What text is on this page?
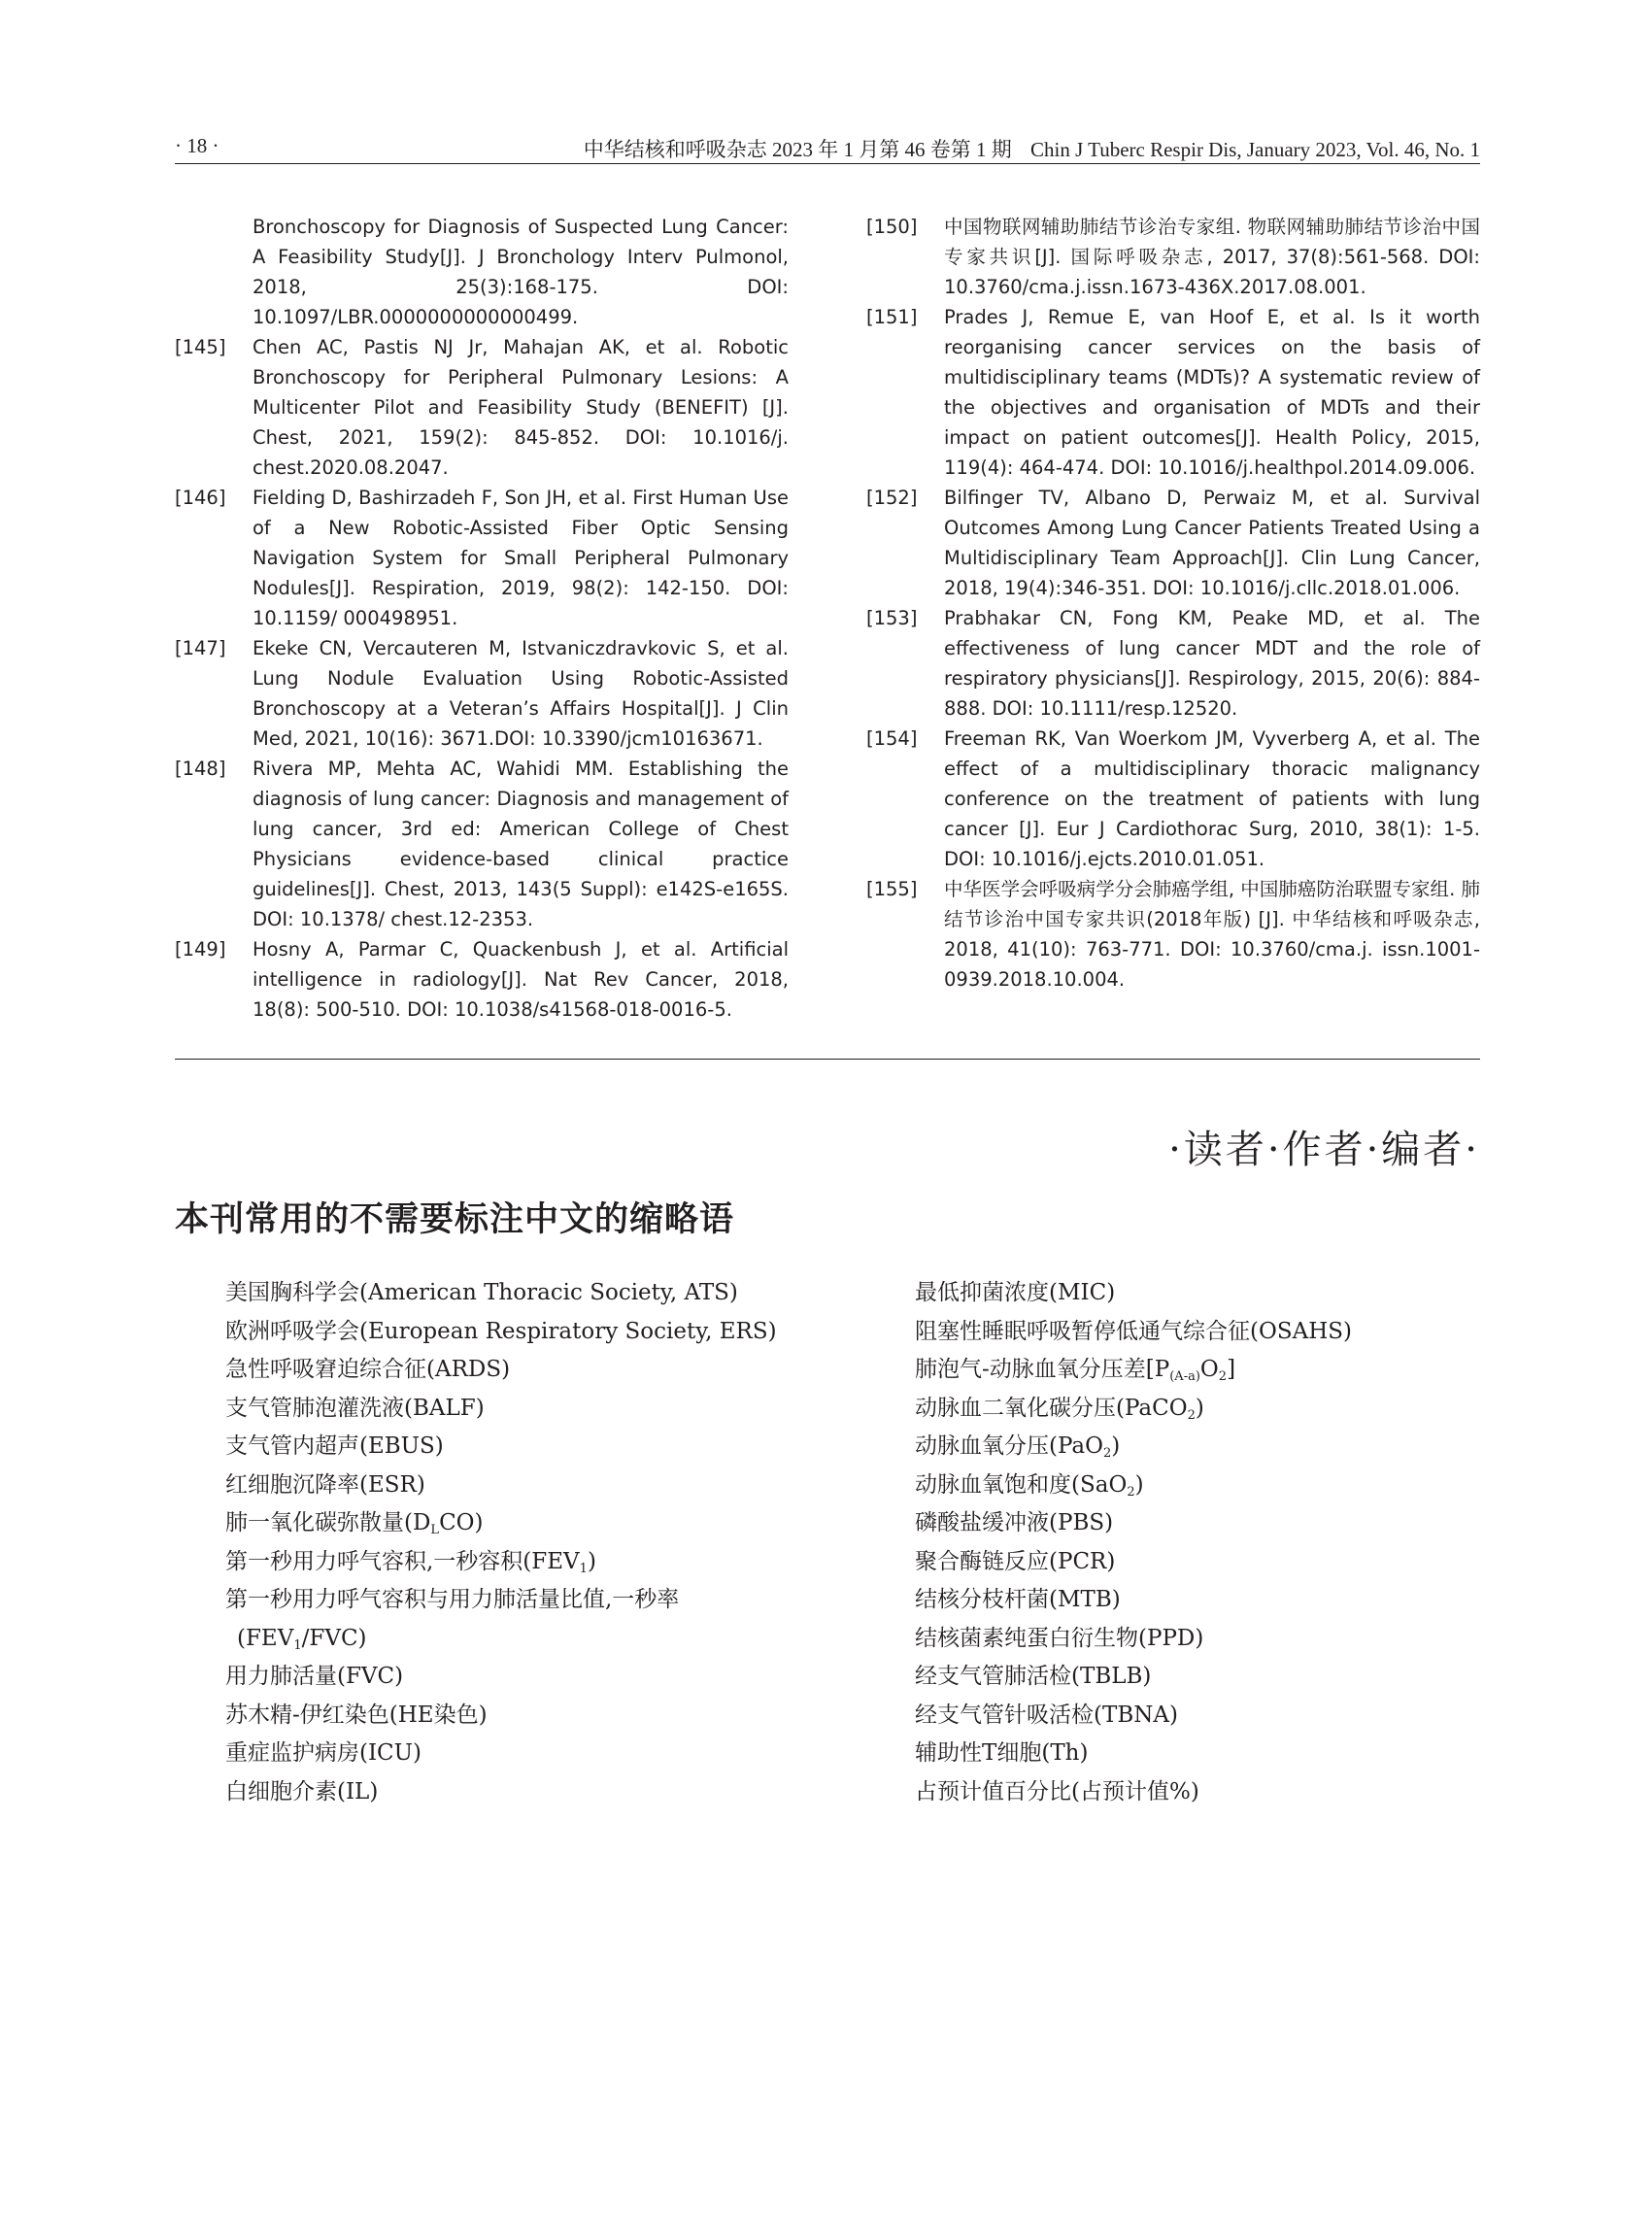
· 18 ·	中华结核和呼吸杂志 2023 年 1 月第 46 卷第 1 期 Chin J Tuberc Respir Dis, January 2023, Vol. 46, No. 1
Bronchoscopy for Diagnosis of Suspected Lung Cancer: A Feasibility Study[J]. J Bronchology Interv Pulmonol, 2018, 25(3):168-175. DOI: 10.1097/LBR.0000000000000499.
[145] Chen AC, Pastis NJ Jr, Mahajan AK, et al. Robotic Bronchoscopy for Peripheral Pulmonary Lesions: A Multicenter Pilot and Feasibility Study (BENEFIT) [J]. Chest, 2021, 159(2): 845-852. DOI: 10.1016/j. chest.2020.08.2047.
[146] Fielding D, Bashirzadeh F, Son JH, et al. First Human Use of a New Robotic-Assisted Fiber Optic Sensing Navigation System for Small Peripheral Pulmonary Nodules[J]. Respiration, 2019, 98(2): 142-150. DOI: 10.1159/ 000498951.
[147] Ekeke CN, Vercauteren M, Istvaniczdravkovic S, et al. Lung Nodule Evaluation Using Robotic-Assisted Bronchoscopy at a Veteran’s Affairs Hospital[J]. J Clin Med, 2021, 10(16): 3671.DOI: 10.3390/jcm10163671.
[148] Rivera MP, Mehta AC, Wahidi MM. Establishing the diagnosis of lung cancer: Diagnosis and management of lung cancer, 3rd ed: American College of Chest Physicians evidence-based clinical practice guidelines[J]. Chest, 2013, 143(5 Suppl): e142S-e165S. DOI: 10.1378/ chest.12-2353.
[149] Hosny A, Parmar C, Quackenbush J, et al. Artificial intelligence in radiology[J]. Nat Rev Cancer, 2018, 18(8): 500-510. DOI: 10.1038/s41568-018-0016-5.
[150] 中国物联网辅助肺结节诊治专家组. 物联网辅助肺结节诊治中国专家共识[J]. 国际呼吸杂志, 2017, 37(8):561-568. DOI: 10.3760/cma.j.issn.1673-436X.2017.08.001.
[151] Prades J, Remue E, van Hoof E, et al. Is it worth reorganising cancer services on the basis of multidisciplinary teams (MDTs)? A systematic review of the objectives and organisation of MDTs and their impact on patient outcomes[J]. Health Policy, 2015, 119(4): 464-474. DOI: 10.1016/j.healthpol.2014.09.006.
[152] Bilfinger TV, Albano D, Perwaiz M, et al. Survival Outcomes Among Lung Cancer Patients Treated Using a Multidisciplinary Team Approach[J]. Clin Lung Cancer, 2018, 19(4):346-351. DOI: 10.1016/j.cllc.2018.01.006.
[153] Prabhakar CN, Fong KM, Peake MD, et al. The effectiveness of lung cancer MDT and the role of respiratory physicians[J]. Respirology, 2015, 20(6): 884-888. DOI: 10.1111/resp.12520.
[154] Freeman RK, Van Woerkom JM, Vyverberg A, et al. The effect of a multidisciplinary thoracic malignancy conference on the treatment of patients with lung cancer [J]. Eur J Cardiothorac Surg, 2010, 38(1): 1-5. DOI: 10.1016/j.ejcts.2010.01.051.
[155] 中华医学会呼吸病学分会肺癌学组, 中国肺癌防治联盟专家组. 肺结节诊治中国专家共识(2018年版) [J]. 中华结核和呼吸杂志, 2018, 41(10): 763-771. DOI: 10.3760/cma.j. issn.1001-0939.2018.10.004.
·读者·作者·编者·
本刊常用的不需要标注中文的缩略语
美国胸科学会(American Thoracic Society, ATS)
欧洲呼吸学会(European Respiratory Society, ERS)
急性呼吸窘迫综合征(ARDS)
支气管肺泡灌洗液(BALF)
支气管内超声(EBUS)
红细胞沉降率(ESR)
肺一氧化碳弥散量$(D_LCO)$
第一秒用力呼气容积,一秒容积$(FEV_1)$
第一秒用力呼气容积与用力肺活量比值,一秒率
$(FEV_1/FVC)$
用力肺活量(FVC)
苏木精-伊红染色(HE染色)
重症监护病房(ICU)
白细胞介素(IL)
最低抑菌浓度(MIC)
阻塞性睡眠呼吸暂停低通气综合征(OSAHS)
肺泡气-动脉血氧分压差$[P_{(A-a)}O_2]$
动脉血二氧化碳分压(PaCO$_2$)
动脉血氧分压(PaO$_2$)
动脉血氧饱和度(SaO$_2$)
磷酸盐缓冲液(PBS)
聚合酶链反应(PCR)
结核分枝杆菌(MTB)
结核菌素纯蛋白衍生物(PPD)
经支气管肺活检(TBLB)
经支气管针吸活检(TBNA)
辅助性T细胞(Th)
占预计值百分比(占预计值%)
